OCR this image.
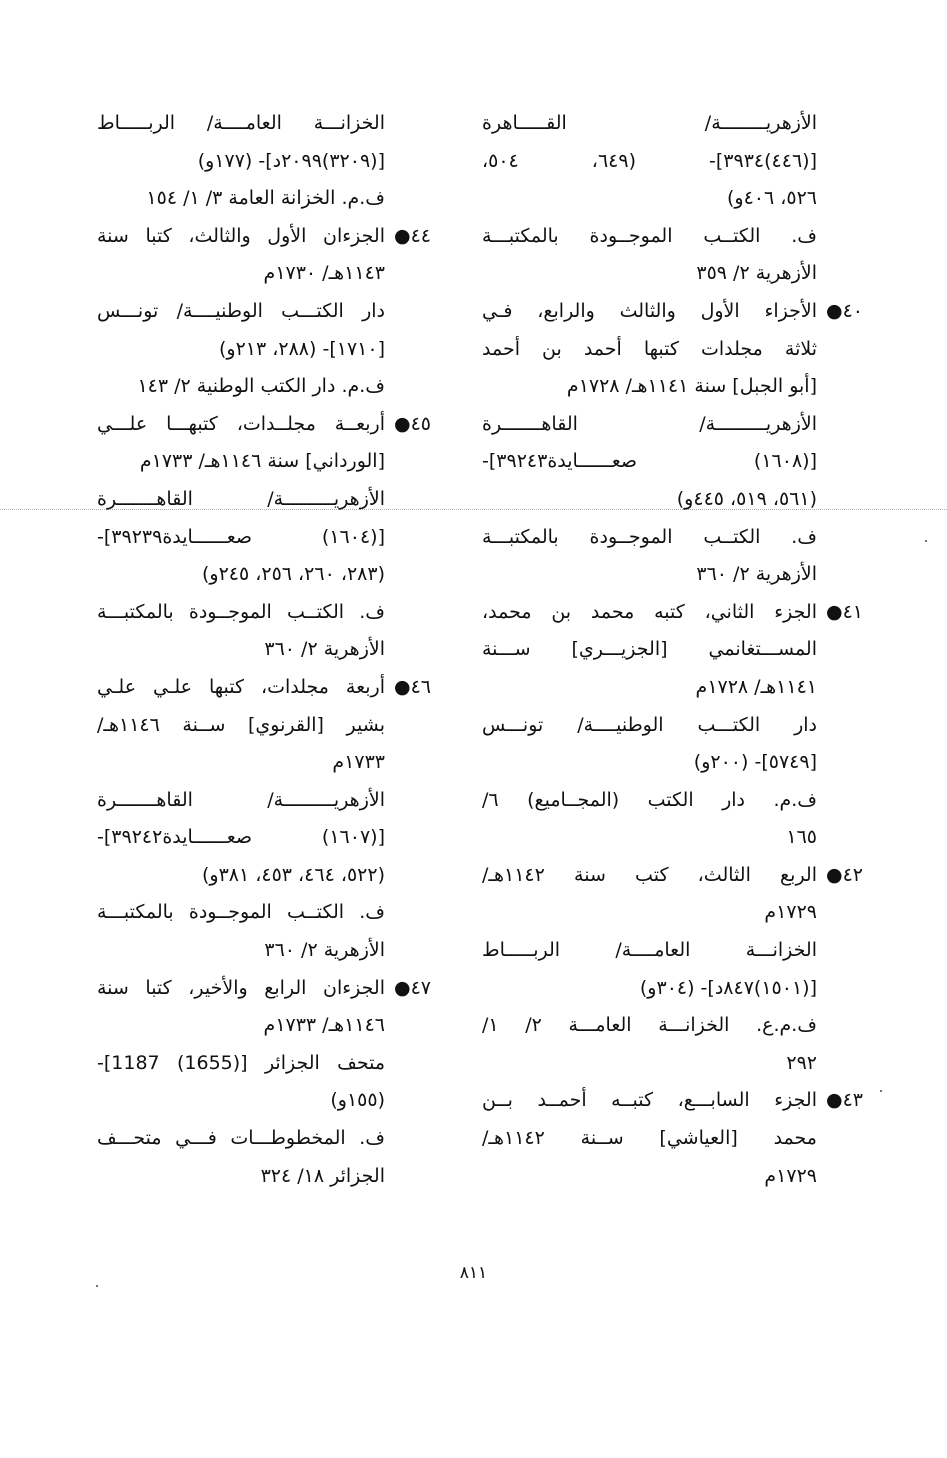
الأزهريــــــــة/ القـــــاهرة
[(٤٤٦)٣٩٣٤]- (٦٤٩، ٥٠٤،
٥٢٦، ٤٠٦و)
ف. الكتــب الموجــودة بالمكتبـــة
الأزهرية ٢/ ٣٥٩
٤٠●
الأجزاء الأول والثالث والرابع، فـي
ثلاثة مجلدات كتبها أحمد بن أحمد
[أبو الجبل] سنة ١١٤١هـ/ ١٧٢٨م
الأزهريـــــــــة/ القاهـــــــرة
[(١٦٠٨) صعــــــايدة٣٩٢٤٣]-
(٥٦١، ٥١٩، ٤٤٥و)
ف. الكتــب الموجــودة بالمكتبـــة
الأزهرية ٢/ ٣٦٠
٤١●
الجزء الثاني، كتبه محمد بن محمد،
المســـتغانمي [الجزيـــري] ســـنة
١١٤١هـ/ ١٧٢٨م
دار الكتـــب الوطنيــــة/ تونـــس
[٥٧٤٩]- (٢٠٠و)
ف.م. دار الكتب (المجــاميع) ٦/
١٦٥
٤٢●
الربع الثالث، كتب سنة ١١٤٢هـ/
١٧٢٩م
الخزانـــة العامــــة/ الربـــــاط
[(١٥٠١)٨٤٧د]- (٣٠٤و)
ف.م.ع. الخزانـــة العامـــة ٢/ ١/
٢٩٢
٤٣●
الجزء السابـــع، كتبــه أحمــد بــن
محمد [العياشي] ســنة ١١٤٢هـ/
١٧٢٩م
الخزانـــة العامــــة/ الربـــــاط
[(٣٢٠٩)٢٠٩٩د]- (١٧٧و)
ف.م. الخزانة العامة ٣/ ١/ ١٥٤
٤٤●
الجزءان الأول والثالث، كتبا سنة
١١٤٣هـ/ ١٧٣٠م
دار الكتـــب الوطنيــــة/ تونـــس
[١٧١٠]- (٢٨٨، ٢١٣و)
ف.م. دار الكتب الوطنية ٢/ ١٤٣
٤٥●
أربعــة مجلــدات، كتبهـــا علـــي
[الورداني] سنة ١١٤٦هـ/ ١٧٣٣م
الأزهريـــــــــة/ القاهـــــــرة
[(١٦٠٤) صعــــــايدة٣٩٢٣٩]-
(٢٨٣، ٢٦٠، ٢٥٦، ٢٤٥و)
ف. الكتــب الموجــودة بالمكتبـــة
الأزهرية ٢/ ٣٦٠
٤٦●
أربعة مجلدات، كتبها علـي علـي
بشير [القرنوي] ســنة ١١٤٦هـ/
١٧٣٣م
الأزهريـــــــــة/ القاهـــــــرة
[(١٦٠٧) صعــــــايدة٣٩٢٤٢]-
(٥٢٢، ٤٦٤، ٤٥٣، ٣٨١و)
ف. الكتــب الموجــودة بالمكتبـــة
الأزهرية ٢/ ٣٦٠
٤٧●
الجزءان الرابع والأخير، كتبا سنة
١١٤٦هـ/ ١٧٣٣م
متحف الجزائر [(1655) 1187]-
(١٥٥و)
ف. المخطوطـــات فـــي متحـــف
الجزائر ١٨/ ٣٢٤
٨١١
